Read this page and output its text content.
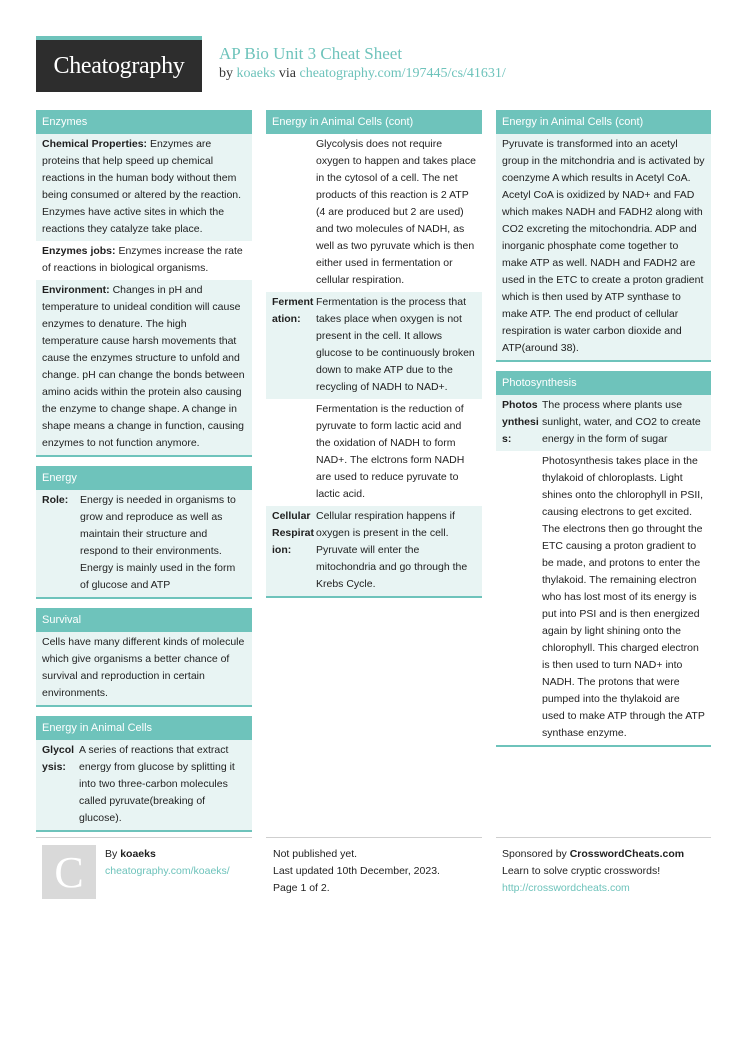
Cheatography AP Bio Unit 3 Cheat Sheet
by koaeks via cheatography.com/197445/cs/41631/
Enzymes
Chemical Properties: Enzymes are proteins that help speed up chemical reactions in the human body without them being consumed or altered by the reaction. Enzymes have active sites in which the reactions they catalyze take place.
Enzymes jobs: Enzymes increase the rate of reactions in biological organisms.
Environment: Changes in pH and temperature to unideal condition will cause enzymes to denature. The high temperature cause harsh movements that cause the enzymes structure to unfold and change. pH can change the bonds between amino acids within the protein also causing the enzyme to change shape. A change in shape means a change in function, causing enzymes to not function anymore.
Energy
Role:	Energy is needed in organisms to grow and reproduce as well as maintain their structure and respond to their environments. Energy is mainly used in the form of glucose and ATP
Survival
Cells have many different kinds of molecule which give organisms a better chance of survival and reproduction in certain environments.
Energy in Animal Cells
Glycolysis:
A series of reactions that extract energy from glucose by splitting it into two three-carbon molecules called pyruvate(breaking of glucose).
Energy in Animal Cells (cont)
Glycolysis does not require oxygen to happen and takes place in the cytosol of a cell. The net products of this reaction is 2 ATP (4 are produced but 2 are used) and two molecules of NADH, as well as two pyruvate which is then either used in fermentation or cellular respiration.
Fermentation:
Fermentation is the process that takes place when oxygen is not present in the cell. It allows glucose to be continuously broken down to make ATP due to the recycling of NADH to NAD+.
Fermentation is the reduction of pyruvate to form lactic acid and the oxidation of NADH to form NAD+. The elctrons form NADH are used to reduce pyruvate to lactic acid.
Cellular Respiration:
Cellular respiration happens if oxygen is present in the cell. Pyruvate will enter the mitochondria and go through the Krebs Cycle.
Energy in Animal Cells (cont)
Pyruvate is transformed into an acetyl group in the mitchondria and is activated by coenzyme A which results in Acetyl CoA. Acetyl CoA is oxidized by NAD+ and FAD which makes NADH and FADH2 along with CO2 excreting the mitochondria. ADP and inorganic phosphate come together to make ATP as well. NADH and FADH2 are used in the ETC to create a proton gradient which is then used by ATP synthase to make ATP. The end product of cellular respiration is water carbon dioxide and ATP(around 38).
Photosynthesis
Photosynthesis:
The process where plants use sunlight, water, and CO2 to create energy in the form of sugar
Photosynthesis takes place in the thylakoid of chloroplasts. Light shines onto the chlorophyll in PSII, causing electrons to get excited. The electrons then go throught the ETC causing a proton gradient to be made, and protons to enter the thylakoid. The remaining electron who has lost most of its energy is put into PSI and is then energized again by light shining onto the chlorophyll. This charged electron is then used to turn NAD+ into NADH. The protons that were pumped into the thylakoid are used to make ATP through the ATP synthase enzyme.
C By koaeks
cheatography.com/koaeks/
Not published yet.
Last updated 10th December, 2023.
Page 1 of 2.
Sponsored by CrosswordCheats.com
Learn to solve cryptic crosswords!
http://crosswordcheats.com
